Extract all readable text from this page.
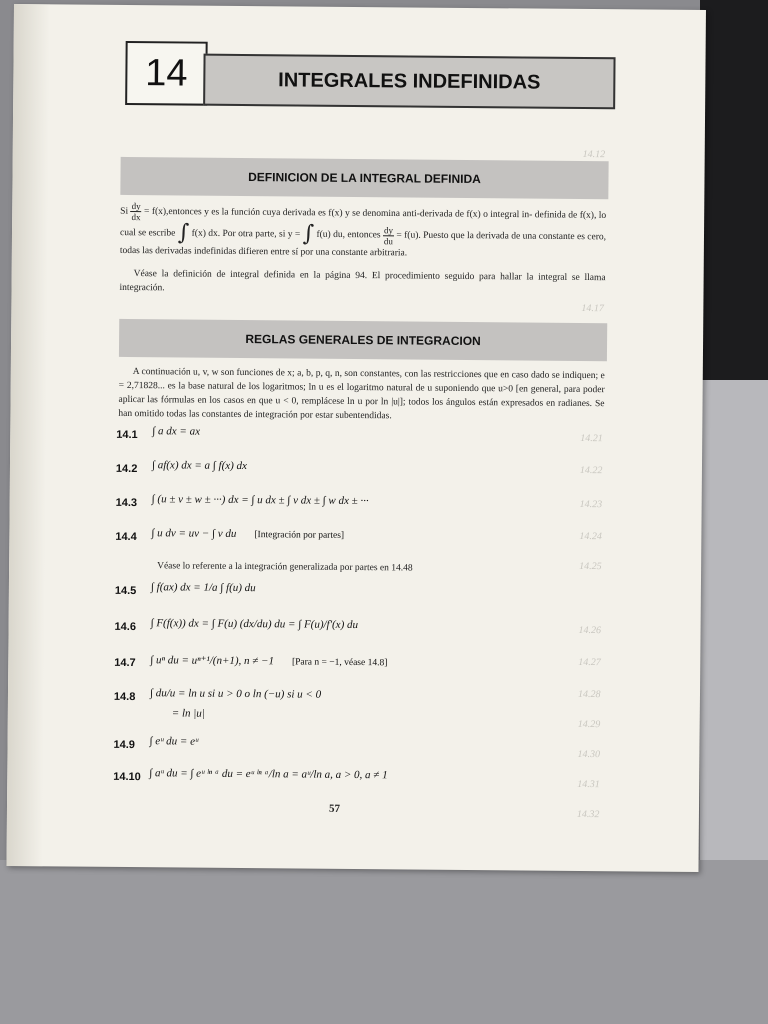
14.12
14.17
14.21
14.22
14.23
14.24
14.25
14.26
14.27
14.28
14.29
14.30
14.31
14.32
14	INTEGRALES INDEFINIDAS
DEFINICION DE LA INTEGRAL DEFINIDA
Si $\frac{dy}{dx}$ = f(x),entonces y es la función cuya derivada es f(x) y se denomina anti-derivada de f(x) o integral in- definida de f(x), lo cual se escribe ∫ f(x) dx. Por otra parte, si y = ∫ f(u) du, entonces $\frac{dy}{du} = f(u)$. Puesto que la derivada de una constante es cero, todas las derivadas indefinidas difieren entre sí por una constante arbitraria.
Véase la definición de integral definida en la página 94. El procedimiento seguido para hallar la integral se llama integración.
REGLAS GENERALES DE INTEGRACION
A continuación u, v, w son funciones de x; a, b, p, q, n, son constantes, con las restricciones que en caso dado se indiquen; e = 2,71828... es la base natural de los logaritmos; ln u es el logaritmo natural de u suponiendo que u>0 [en general, para poder aplicar las fórmulas en los casos en que u < 0, remplácese ln u por ln |u|]; todos los ángulos están expresados en radianes. Se han omitido todas las constantes de integración por estar subentendidas.
14.1 ∫ a dx = ax
14.2 ∫ af(x) dx = a ∫ f(x) dx
14.3 ∫ (u ± v ± w ± ···) dx = ∫ u dx ± ∫ v dx ± ∫ w dx ± ···
14.4 ∫ u dv = uv − ∫ v du [Integración por partes]
14.5 ∫ f(ax) dx = 1/a ∫ f(u) du
14.6 ∫ F(f(x)) dx = ∫ F(u) (dx/du) du = ∫ F(u)/f′(x) du
14.7 ∫ uⁿ du = uⁿ⁺¹/(n+1), n ≠ −1 [Para n = −1, véase 14.8]
14.8 ∫ du/u = ln u si u > 0 o ln (−u) si u < 0
= ln |u|
14.9 ∫ eᵘ du = eᵘ
14.10 ∫ aᵘ du = ∫ eᵘ ˡⁿ ᵃ du = eᵘ ˡⁿ ᵃ/ln a = aᵘ/ln a, a > 0, a ≠ 1
Véase lo referente a la integración generalizada por partes en 14.48
57
